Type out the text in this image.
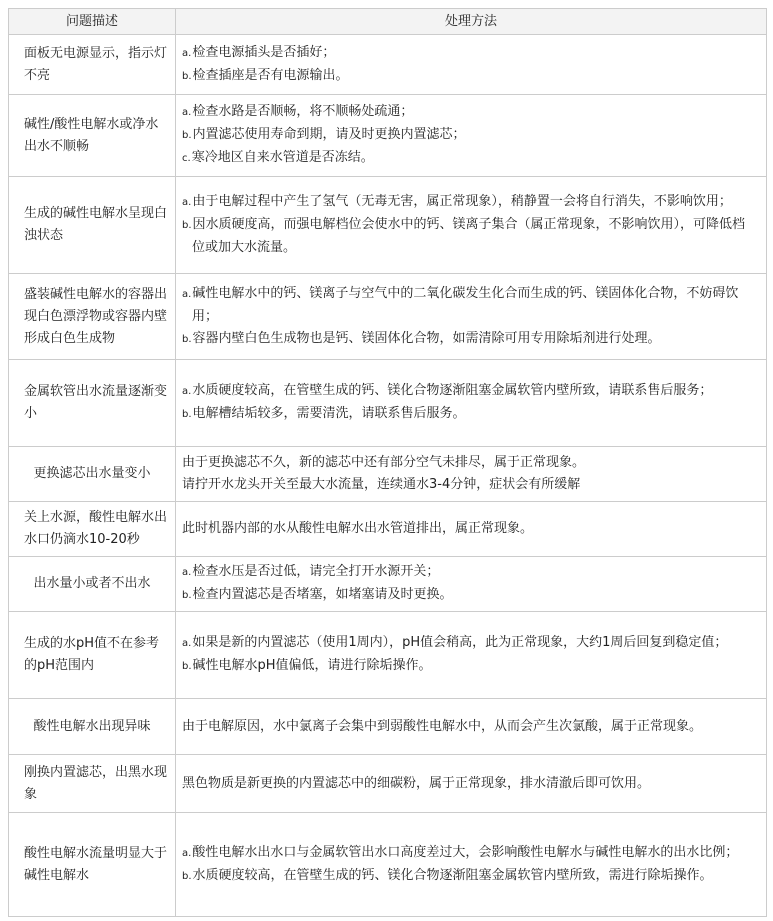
问题描述	处理方法
面板无电源显示，指示灯不亮	a.检查电源插头是否插好；
b.检查插座是否有电源输出。

碱性/酸性电解水或净水出水不顺畅	a.检查水路是否顺畅，将不顺畅处疏通；
b.内置滤芯使用寿命到期，请及时更换内置滤芯；
c.寒冷地区自来水管道是否冻结。

生成的碱性电解水呈现白浊状态	a.由于电解过程中产生了氢气（无毒无害，属正常现象），稍静置一会将自行消失，不影响饮用；
b.因水质硬度高，而强电解档位会使水中的钙、镁离子集合（属正常现象，不影响饮用），可降低档位或加大水流量。

盛装碱性电解水的容器出现白色漂浮物或容器内壁形成白色生成物	a.碱性电解水中的钙、镁离子与空气中的二氧化碳发生化合而生成的钙、镁固体化合物，不妨碍饮用；
b.容器内壁白色生成物也是钙、镁固体化合物，如需清除可用专用除垢剂进行处理。

金属软管出水流量逐渐变小	a.水质硬度较高，在管壁生成的钙、镁化合物逐渐阻塞金属软管内壁所致，请联系售后服务；
b.电解槽结垢较多，需要清洗，请联系售后服务。

更换滤芯出水量变小	由于更换滤芯不久，新的滤芯中还有部分空气未排尽，属于正常现象。
请拧开水龙头开关至最大水流量，连续通水3-4分钟，症状会有所缓解

关上水源，酸性电解水出水口仍滴水10-20秒	此时机器内部的水从酸性电解水出水管道排出，属正常现象。

出水量小或者不出水	a.检查水压是否过低，请完全打开水源开关；
b.检查内置滤芯是否堵塞，如堵塞请及时更换。

生成的水pH值不在参考的pH范围内	a.如果是新的内置滤芯（使用1周内），pH值会稍高，此为正常现象，大约1周后回复到稳定值；
b.碱性电解水pH值偏低，请进行除垢操作。

酸性电解水出现异味	由于电解原因，水中氯离子会集中到弱酸性电解水中，从而会产生次氯酸，属于正常现象。

刚换内置滤芯，出黑水现象	黑色物质是新更换的内置滤芯中的细碳粉，属于正常现象，排水清澈后即可饮用。

酸性电解水流量明显大于碱性电解水	a.酸性电解水出水口与金属软管出水口高度差过大，会影响酸性电解水与碱性电解水的出水比例；
b.水质硬度较高，在管壁生成的钙、镁化合物逐渐阻塞金属软管内壁所致，需进行除垢操作。
